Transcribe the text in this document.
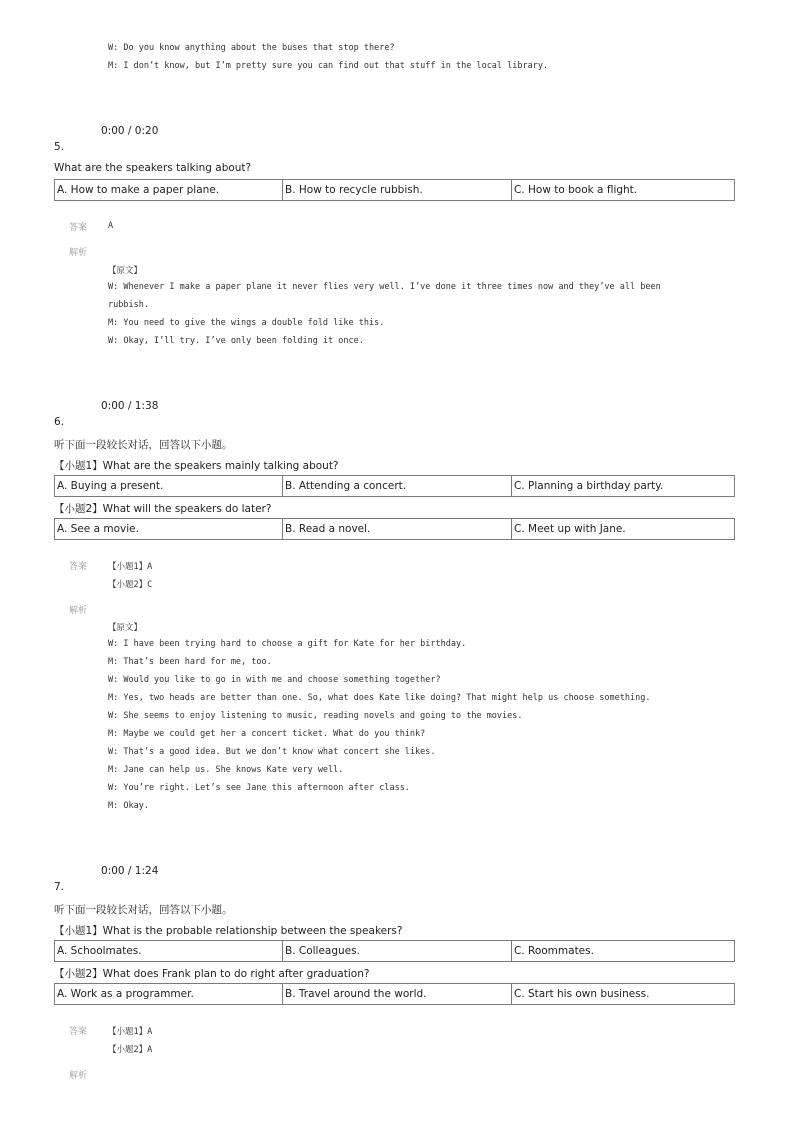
W: Do you know anything about the buses that stop there?
M: I don’t know, but I’m pretty sure you can find out that stuff in the local library.
0:00 / 0:20
5.
What are the speakers talking about?
A. How to make a paper plane.	B. How to recycle rubbish.	C. How to book a flight.
答案 A
解析
【原文】
W: Whenever I make a paper plane it never flies very well. I’ve done it three times now and they’ve all been
rubbish.
M: You need to give the wings a double fold like this.
W: Okay, I’ll try. I’ve only been folding it once.
0:00 / 1:38
6.
听下面一段较长对话，回答以下小题。
【小题1】What are the speakers mainly talking about?
A. Buying a present.	B. Attending a concert.	C. Planning a birthday party.
【小题2】What will the speakers do later?
A. See a movie.	B. Read a novel.	C. Meet up with Jane.
答案 【小题1】A
【小题2】C
解析
【原文】
W: I have been trying hard to choose a gift for Kate for her birthday.
M: That’s been hard for me, too.
W: Would you like to go in with me and choose something together?
M: Yes, two heads are better than one. So, what does Kate like doing? That might help us choose something.
W: She seems to enjoy listening to music, reading novels and going to the movies.
M: Maybe we could get her a concert ticket. What do you think?
W: That’s a good idea. But we don’t know what concert she likes.
M: Jane can help us. She knows Kate very well.
W: You’re right. Let’s see Jane this afternoon after class.
M: Okay.
0:00 / 1:24
7.
听下面一段较长对话，回答以下小题。
【小题1】What is the probable relationship between the speakers?
A. Schoolmates.	B. Colleagues.	C. Roommates.
【小题2】What does Frank plan to do right after graduation?
A. Work as a programmer.	B. Travel around the world.	C. Start his own business.
答案 【小题1】A
【小题2】A
解析
